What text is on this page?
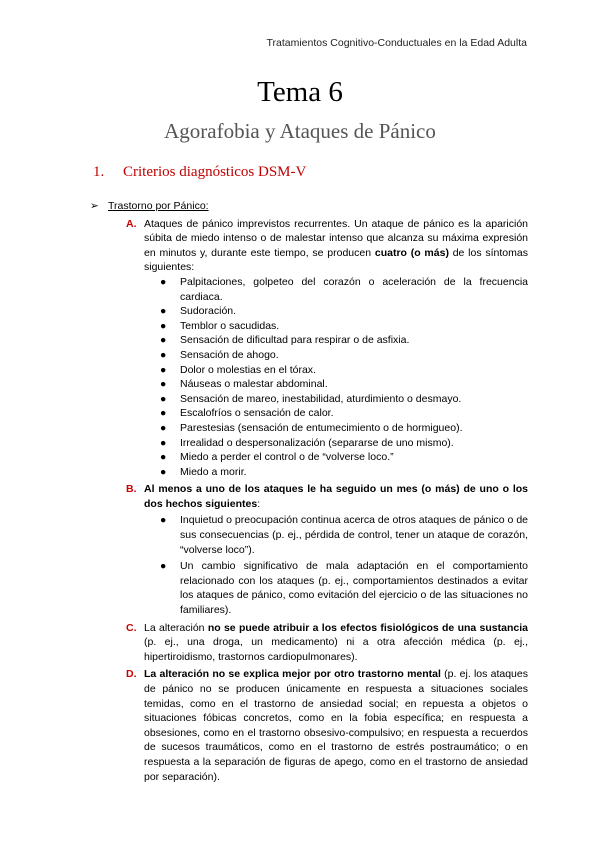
Tratamientos Cognitivo-Conductuales en la Edad Adulta
Tema 6
Agorafobia y Ataques de Pánico
1. Criterios diagnósticos DSM-V

➢ Trastorno por Pánico:

A. Ataques de pánico imprevistos recurrentes. Un ataque de pánico es la aparición súbita de miedo intenso o de malestar intenso que alcanza su máxima expresión en minutos y, durante este tiempo, se producen cuatro (o más) de los síntomas siguientes:
● Palpitaciones, golpeteo del corazón o aceleración de la frecuencia cardiaca.
● Sudoración.
● Temblor o sacudidas.
● Sensación de dificultad para respirar o de asfixia.
● Sensación de ahogo.
● Dolor o molestias en el tórax.
● Náuseas o malestar abdominal.
● Sensación de mareo, inestabilidad, aturdimiento o desmayo.
● Escalofríos o sensación de calor.
● Parestesias (sensación de entumecimiento o de hormigueo).
● Irrealidad o despersonalización (separarse de uno mismo).
● Miedo a perder el control o de “volverse loco.”
● Miedo a morir.
B. Al menos a uno de los ataques le ha seguido un mes (o más) de uno o los dos hechos siguientes:
● Inquietud o preocupación continua acerca de otros ataques de pánico o de sus consecuencias (p. ej., pérdida de control, tener un ataque de corazón, “volverse loco”).
● Un cambio significativo de mala adaptación en el comportamiento relacionado con los ataques (p. ej., comportamientos destinados a evitar los ataques de pánico, como evitación del ejercicio o de las situaciones no familiares).
C. La alteración no se puede atribuir a los efectos fisiológicos de una sustancia (p. ej., una droga, un medicamento) ni a otra afección médica (p. ej., hipertiroidismo, trastornos cardiopulmonares).
D. La alteración no se explica mejor por otro trastorno mental (p. ej. los ataques de pánico no se producen únicamente en respuesta a situaciones sociales temidas, como en el trastorno de ansiedad social; en repuesta a objetos o situaciones fóbicas concretos, como en la fobia específica; en respuesta a obsesiones, como en el trastorno obsesivo-compulsivo; en respuesta a recuerdos de sucesos traumáticos, como en el trastorno de estrés postraumático; o en respuesta a la separación de figuras de apego, como en el trastorno de ansiedad por separación).
